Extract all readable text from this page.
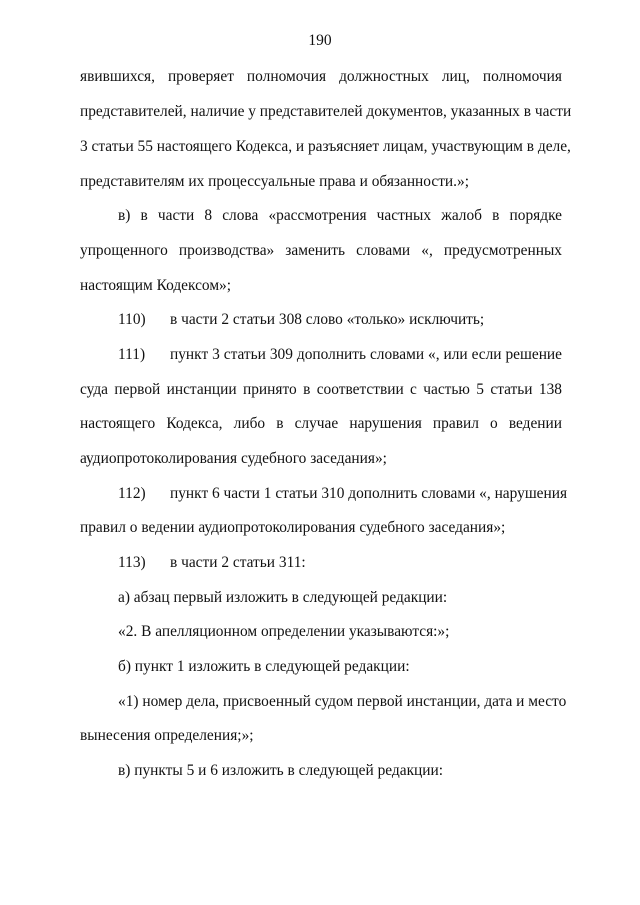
190
явившихся, проверяет полномочия должностных лиц, полномочия
представителей, наличие у представителей документов, указанных в части
3 статьи 55 настоящего Кодекса, и разъясняет лицам, участвующим в деле,
представителям их процессуальные права и обязанности.»;
в) в части 8 слова «рассмотрения частных жалоб в порядке
упрощенного производства» заменить словами «, предусмотренных
настоящим Кодексом»;
110) в части 2 статьи 308 слово «только» исключить;
111) пункт 3 статьи 309 дополнить словами «, или если решение
суда первой инстанции принято в соответствии с частью 5 статьи 138
настоящего Кодекса, либо в случае нарушения правил о ведении
аудиопротоколирования судебного заседания»;
112) пункт 6 части 1 статьи 310 дополнить словами «, нарушения
правил о ведении аудиопротоколирования судебного заседания»;
113) в части 2 статьи 311:
а) абзац первый изложить в следующей редакции:
«2. В апелляционном определении указываются:»;
б) пункт 1 изложить в следующей редакции:
«1) номер дела, присвоенный судом первой инстанции, дата и место
вынесения определения;»;
в) пункты 5 и 6 изложить в следующей редакции:
